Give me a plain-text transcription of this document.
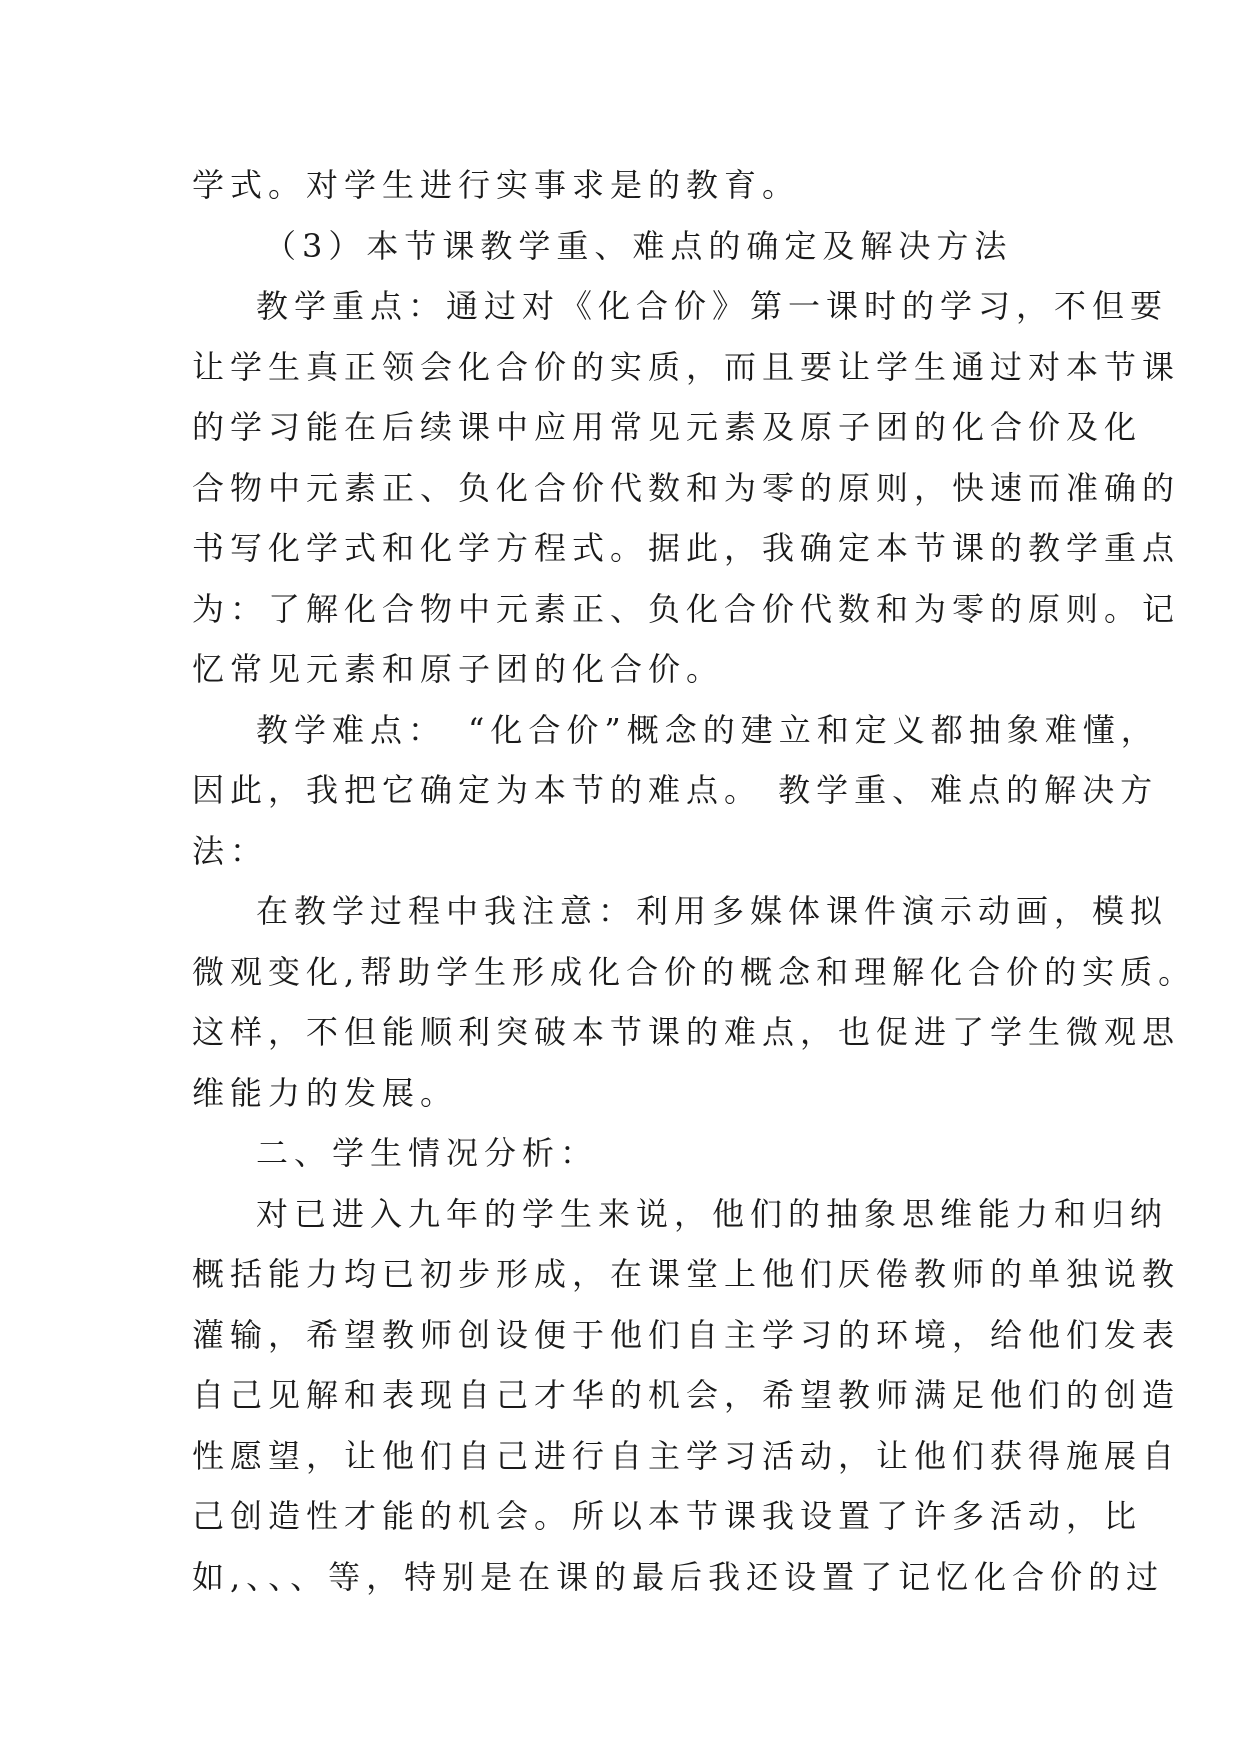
学式。对学生进行实事求是的教育。
（3）本节课教学重、难点的确定及解决方法
教学重点：通过对《化合价》第一课时的学习，不但要
让学生真正领会化合价的实质，而且要让学生通过对本节课
的学习能在后续课中应用常见元素及原子团的化合价及化
合物中元素正、负化合价代数和为零的原则，快速而准确的
书写化学式和化学方程式。据此，我确定本节课的教学重点
为：了解化合物中元素正、负化合价代数和为零的原则。记
忆常见元素和原子团的化合价。
教学难点：　“化合价”概念的建立和定义都抽象难懂，
因此，我把它确定为本节的难点。 教学重、难点的解决方
法：
在教学过程中我注意：利用多媒体课件演示动画，模拟
微观变化,帮助学生形成化合价的概念和理解化合价的实质。
这样，不但能顺利突破本节课的难点，也促进了学生微观思
维能力的发展。
二、学生情况分析：
对已进入九年的学生来说，他们的抽象思维能力和归纳
概括能力均已初步形成，在课堂上他们厌倦教师的单独说教
灌输，希望教师创设便于他们自主学习的环境，给他们发表
自己见解和表现自己才华的机会，希望教师满足他们的创造
性愿望，让他们自己进行自主学习活动，让他们获得施展自
己创造性才能的机会。所以本节课我设置了许多活动，比
如,、、、等，特别是在课的最后我还设置了记忆化合价的过
